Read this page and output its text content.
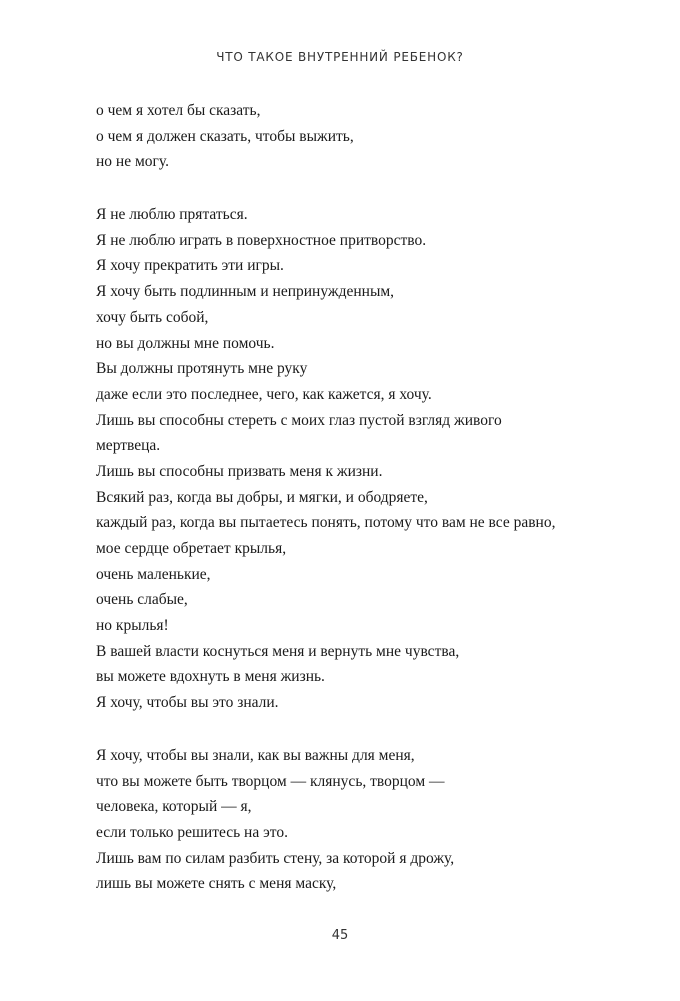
ЧТО ТАКОЕ ВНУТРЕННИЙ РЕБЕНОК?
о чем я хотел бы сказать,
о чем я должен сказать, чтобы выжить,
но не могу.
Я не люблю прятаться.
Я не люблю играть в поверхностное притворство.
Я хочу прекратить эти игры.
Я хочу быть подлинным и непринужденным,
хочу быть собой,
но вы должны мне помочь.
Вы должны протянуть мне руку
даже если это последнее, чего, как кажется, я хочу.
Лишь вы способны стереть с моих глаз пустой взгляд живого
мертвеца.
Лишь вы способны призвать меня к жизни.
Всякий раз, когда вы добры, и мягки, и ободряете,
каждый раз, когда вы пытаетесь понять, потому что вам не все равно,
мое сердце обретает крылья,
очень маленькие,
очень слабые,
но крылья!
В вашей власти коснуться меня и вернуть мне чувства,
вы можете вдохнуть в меня жизнь.
Я хочу, чтобы вы это знали.
Я хочу, чтобы вы знали, как вы важны для меня,
что вы можете быть творцом — клянусь, творцом —
человека, который — я,
если только решитесь на это.
Лишь вам по силам разбить стену, за которой я дрожу,
лишь вы можете снять с меня маску,
45
